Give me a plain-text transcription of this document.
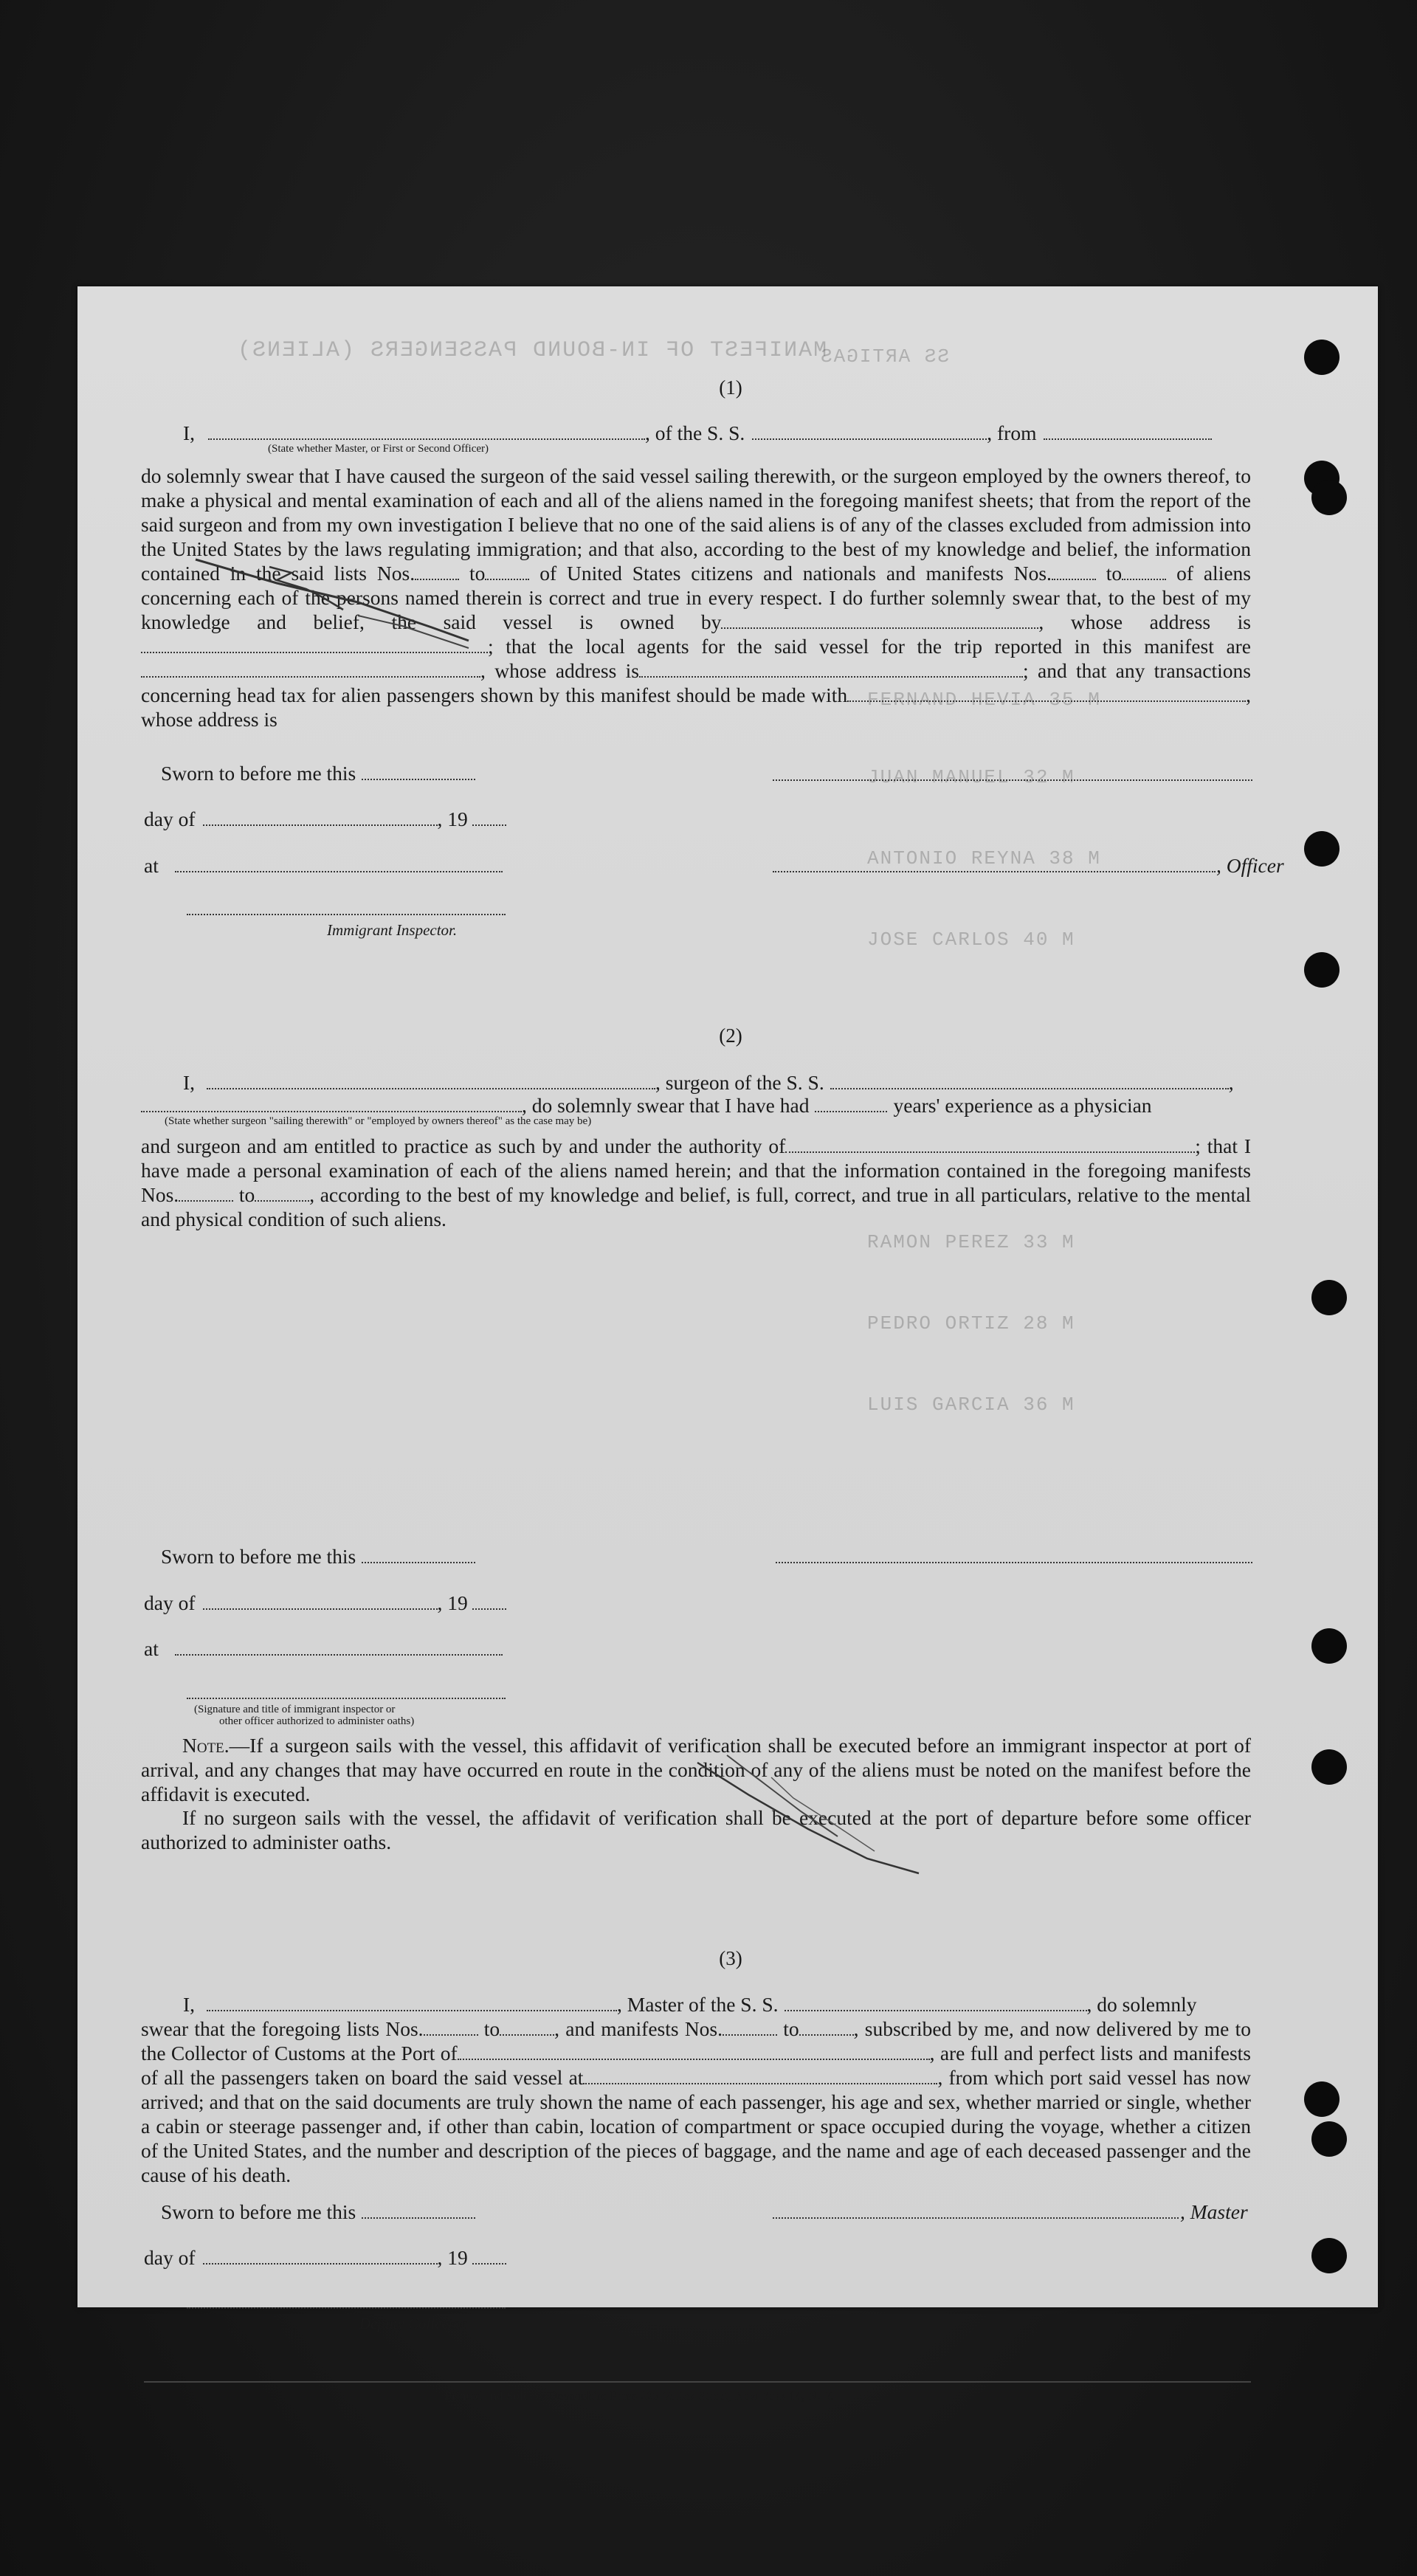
MANIFEST OF IN-BOUND PASSENGERS (ALIENS)
SS ARTIGAS
FERNAND HEVIA 35 M
JUAN MANUEL 32 M
ANTONIO REYNA 38 M
JOSE CARLOS 40 M
RAMON PEREZ 33 M
PEDRO ORTIZ 28 M
LUIS GARCIA 36 M
(1)
I,	, of the S. S.	, from
(State whether Master, or First or Second Officer)
do solemnly swear that I have caused the surgeon of the said vessel sailing therewith, or the surgeon employed by the owners thereof, to make a physical and mental examination of each and all of the aliens named in the foregoing manifest sheets; that from the report of the said surgeon and from my own investigation I believe that no one of the said aliens is of any of the classes excluded from admission into the United States by the laws regulating immigration; and that also, according to the best of my knowledge and belief, the information contained in the said lists Nos.	to	of United States citizens and nationals and manifests Nos.	to	of aliens concerning each of the persons named therein is correct and true in every respect. I do further solemnly swear that, to the best of my knowledge and belief, the said vessel is owned by	, whose address is; that the local agents for the said vessel for the trip reported in this manifest are, whose address is	; and that any transactions concerning head tax for alien passengers shown by this manifest should be made with	, whose address is
Sworn to before me this
day of	, 19
at	, Officer
Immigrant Inspector.
(2)
I,	, surgeon of the S. S.	,
, do solemnly swear that I have had	years' experience as a physician
(State whether surgeon "sailing therewith" or "employed by owners thereof" as the case may be)
and surgeon and am entitled to practice as such by and under the authority of	; that I have made a personal examination of each of the aliens named herein; and that the information contained in the foregoing manifests Nos.	to	, according to the best of my knowledge and belief, is full, correct, and true in all particulars, relative to the mental and physical condition of such aliens.
Sworn to before me this
day of	, 19
at
(Signature and title of immigrant inspector or
other officer authorized to administer oaths)
Note.—If a surgeon sails with the vessel, this affidavit of verification shall be executed before an immigrant inspector at port of arrival, and any changes that may have occurred en route in the condition of any of the aliens must be noted on the manifest before the affidavit is executed.
If no surgeon sails with the vessel, the affidavit of verification shall be executed at the port of departure before some officer authorized to administer oaths.
(3)
I,	, Master of the S. S.	, do solemnly
swear that the foregoing lists Nos.	to	, and manifests Nos.	to	, subscribed by me, and now delivered by me to the Collector of Customs at the Port of	, are full and perfect lists and manifests of all the passengers taken on board the said vessel at	, from which port said vessel has now arrived; and that on the said documents are truly shown the name of each passenger, his age and sex, whether married or single, whether a cabin or steerage passenger and, if other than cabin, location of compartment or space occupied during the voyage, whether a citizen of the United States, and the number and description of the pieces of baggage, and the name and age of each deceased passenger and the cause of his death.
Sworn to before me this	, Master
day of	, 19
Deputy Collector.
Printed and Sold by Devonshire Press 223 Varick Street, New York 14, N. Y.
